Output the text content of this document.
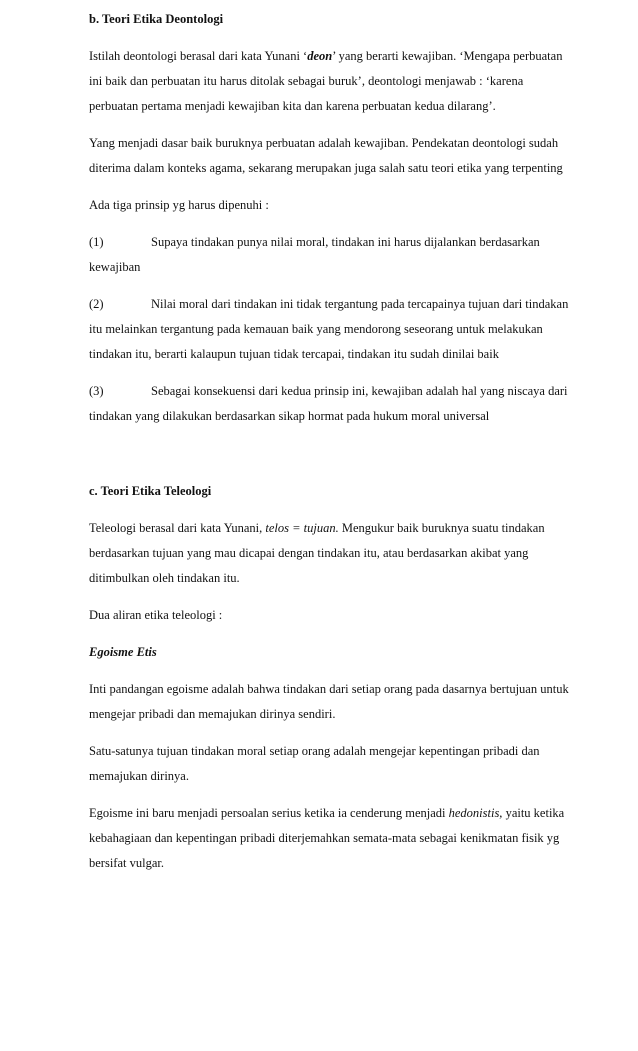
b. Teori Etika Deontologi

Istilah deontologi berasal dari kata Yunani ‘deon’ yang berarti kewajiban. ‘Mengapa perbuatan ini baik dan perbuatan itu harus ditolak sebagai buruk’, deontologi menjawab : ‘karena perbuatan pertama menjadi kewajiban kita dan karena perbuatan kedua dilarang’.

Yang menjadi dasar baik buruknya perbuatan adalah kewajiban. Pendekatan deontologi sudah diterima dalam konteks agama, sekarang merupakan juga salah satu teori etika yang terpenting

Ada tiga prinsip yg harus dipenuhi :

(1)	Supaya tindakan punya nilai moral, tindakan ini harus dijalankan berdasarkan kewajiban

(2)	Nilai moral dari tindakan ini tidak tergantung pada tercapainya tujuan dari tindakan itu melainkan tergantung pada kemauan baik yang mendorong seseorang untuk melakukan tindakan itu, berarti kalaupun tujuan tidak tercapai, tindakan itu sudah dinilai baik

(3)	Sebagai konsekuensi dari kedua prinsip ini, kewajiban adalah hal yang niscaya dari tindakan yang dilakukan berdasarkan sikap hormat pada hukum moral universal

c. Teori Etika Teleologi

Teleologi berasal dari kata Yunani, telos = tujuan. Mengukur baik buruknya suatu tindakan berdasarkan tujuan yang mau dicapai dengan tindakan itu, atau berdasarkan akibat yang ditimbulkan oleh tindakan itu.

Dua aliran etika teleologi :

Egoisme Etis

Inti pandangan egoisme adalah bahwa tindakan dari setiap orang pada dasarnya bertujuan untuk mengejar pribadi dan memajukan dirinya sendiri.

Satu-satunya tujuan tindakan moral setiap orang adalah mengejar kepentingan pribadi dan memajukan dirinya.

Egoisme ini baru menjadi persoalan serius ketika ia cenderung menjadi hedonistis, yaitu ketika kebahagiaan dan kepentingan pribadi diterjemahkan semata-mata sebagai kenikmatan fisik yg bersifat vulgar.
